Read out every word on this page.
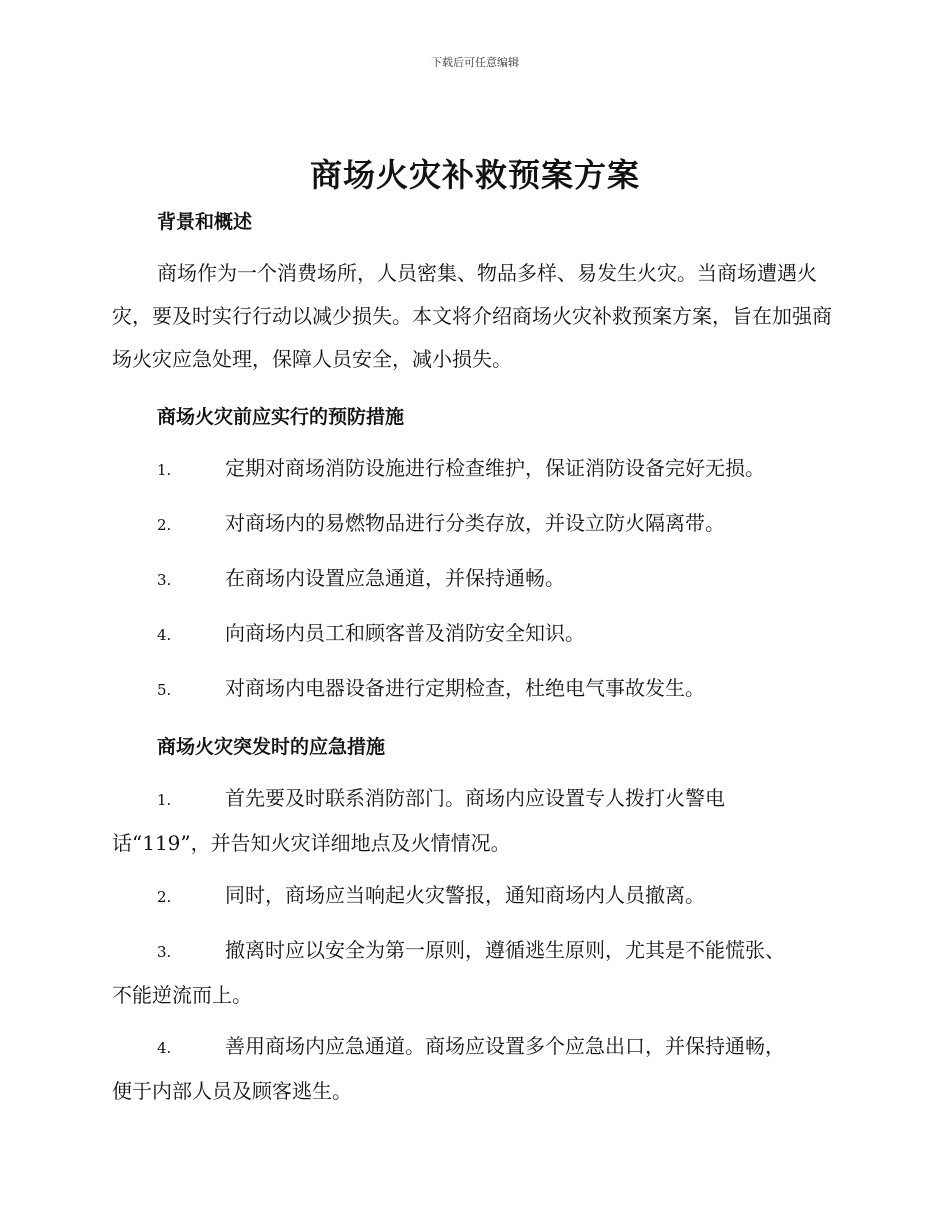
下载后可任意编辑
商场火灾补救预案方案
背景和概述

商场作为一个消费场所，人员密集、物品多样、易发生火灾。当商场遭遇火灾，要及时实行行动以减少损失。本文将介绍商场火灾补救预案方案，旨在加强商场火灾应急处理，保障人员安全，减小损失。

商场火灾前应实行的预防措施

1.	定期对商场消防设施进行检查维护，保证消防设备完好无损。

2.	对商场内的易燃物品进行分类存放，并设立防火隔离带。

3.	在商场内设置应急通道，并保持通畅。

4.	向商场内员工和顾客普及消防安全知识。

5.	对商场内电器设备进行定期检查，杜绝电气事故发生。

商场火灾突发时的应急措施

1.	首先要及时联系消防部门。商场内应设置专人拨打火警电
话“119”，并告知火灾详细地点及火情情况。

2.	同时，商场应当响起火灾警报，通知商场内人员撤离。

3.	撤离时应以安全为第一原则，遵循逃生原则，尤其是不能慌张、
不能逆流而上。

4.	善用商场内应急通道。商场应设置多个应急出口，并保持通畅，
便于内部人员及顾客逃生。
